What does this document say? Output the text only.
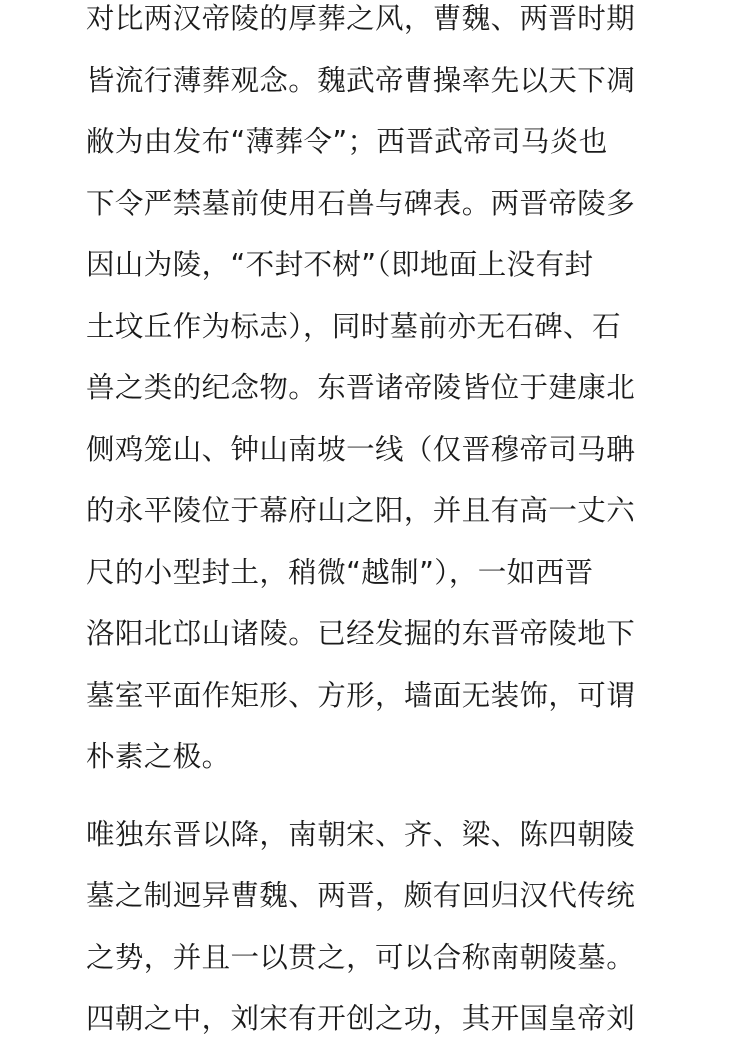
对比两汉帝陵的厚葬之风，曹魏、两晋时期
皆流行薄葬观念。魏武帝曹操率先以天下凋
敝为由发布“薄葬令”；西晋武帝司马炎也
下令严禁墓前使用石兽与碑表。两晋帝陵多
因山为陵，“不封不树”（即地面上没有封
土坟丘作为标志），同时墓前亦无石碑、石
兽之类的纪念物。东晋诸帝陵皆位于建康北
侧鸡笼山、钟山南坡一线（仅晋穆帝司马聃
的永平陵位于幕府山之阳，并且有高一丈六
尺的小型封土，稍微“越制”），一如西晋
洛阳北邙山诸陵。已经发掘的东晋帝陵地下
墓室平面作矩形、方形，墙面无装饰，可谓
朴素之极。
唯独东晋以降，南朝宋、齐、梁、陈四朝陵
墓之制迥异曹魏、两晋，颇有回归汉代传统
之势，并且一以贯之，可以合称南朝陵墓。
四朝之中，刘宋有开创之功，其开国皇帝刘
